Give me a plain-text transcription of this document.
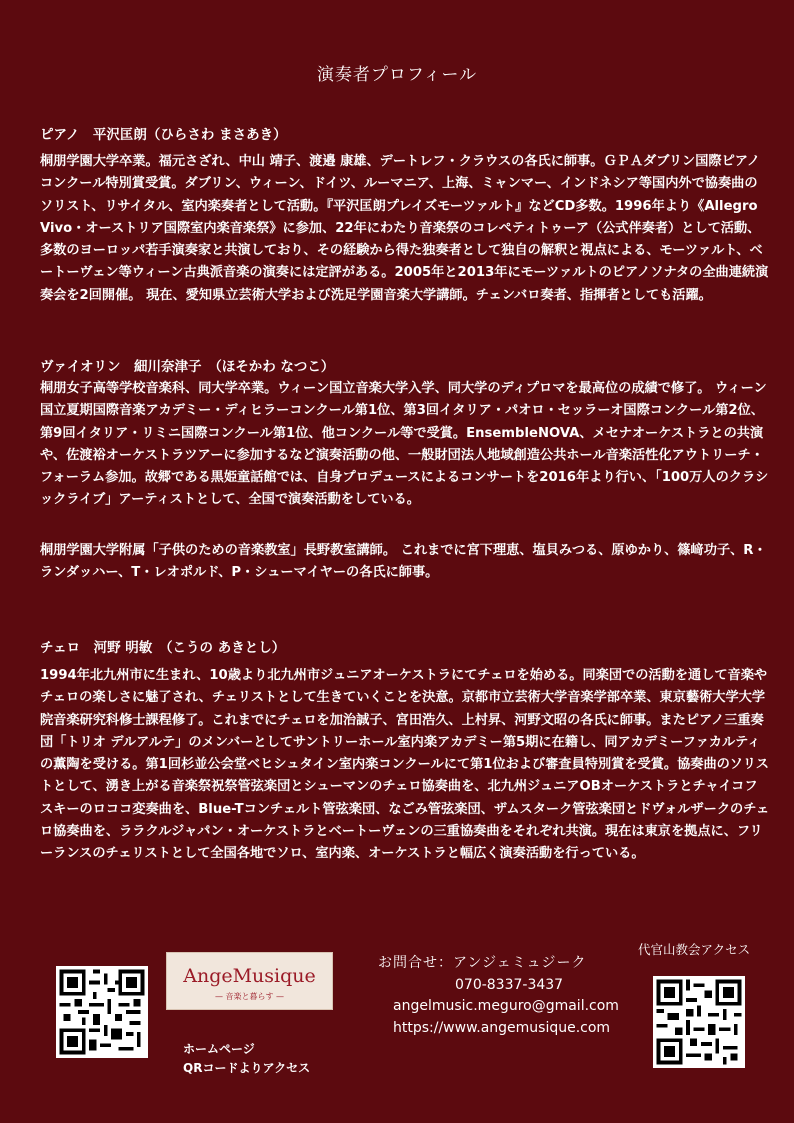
演奏者プロフィール
ピアノ　平沢匡朗（ひらさわ まさあき）

桐朋学園大学卒業。福元さざれ、中山 靖子、渡邉 康雄、デートレフ・クラウスの各氏に師事。ＧＰＡダブリン国際ピアノコンクール特別賞受賞。ダブリン、ウィーン、ドイツ、ルーマニア、上海、ミャンマー、インドネシア等国内外で協奏曲のソリスト、リサイタル、室内楽奏者として活動。『平沢匡朗プレイズモーツァルト』などCD多数。1996年より《Allegro Vivo・オーストリア国際室内楽音楽祭》に参加、22年にわたり音楽祭のコレペティトゥーア（公式伴奏者）として活動、多数のヨーロッパ若手演奏家と共演しており、その経験から得た独奏者として独自の解釈と視点による、モーツァルト、ベートーヴェン等ウィーン古典派音楽の演奏には定評がある。2005年と2013年にモーツァルトのピアノソナタの全曲連続演奏会を2回開催。 現在、愛知県立芸術大学および洗足学園音楽大学講師。チェンバロ奏者、指揮者としても活躍。

ヴァイオリン　細川奈津子　（ほそかわ なつこ）

桐朋女子高等学校音楽科、同大学卒業。ウィーン国立音楽大学入学、同大学のディプロマを最高位の成績で修了。 ウィーン国立夏期国際音楽アカデミー・ディヒラーコンクール第1位、第3回イタリア・パオロ・セッラーオ国際コンクール第2位、第9回イタリア・リミニ国際コンクール第1位、他コンクール等で受賞。EnsembleNOVA、メセナオーケストラとの共演や、佐渡裕オーケストラツアーに参加するなど演奏活動の他、一般財団法人地域創造公共ホール音楽活性化アウトリーチ・フォーラム参加。故郷である黒姫童話館では、自身プロデュースによるコンサートを2016年より行い、「100万人のクラシックライブ」アーティストとして、全国で演奏活動をしている。

桐朋学園大学附属「子供のための音楽教室」長野教室講師。 これまでに宮下理恵、塩貝みつる、原ゆかり、篠﨑功子、R・ランダッハー、T・レオポルド、P・シューマイヤーの各氏に師事。

チェロ　河野 明敏　（こうの あきとし）

1994年北九州市に生まれ、10歳より北九州市ジュニアオーケストラにてチェロを始める。同楽団での活動を通して音楽やチェロの楽しさに魅了され、チェリストとして生きていくことを決意。京都市立芸術大学音楽学部卒業、東京藝術大学大学院音楽研究科修士課程修了。これまでにチェロを加治誠子、宮田浩久、上村昇、河野文昭の各氏に師事。またピアノ三重奏団「トリオ デルアルテ」のメンバーとしてサントリーホール室内楽アカデミー第5期に在籍し、同アカデミーファカルティの薫陶を受ける。第1回杉並公会堂ベヒシュタイン室内楽コンクールにて第1位および審査員特別賞を受賞。協奏曲のソリストとして、湧き上がる音楽祭祝祭管弦楽団とシューマンのチェロ協奏曲を、北九州ジュニアOBオーケストラとチャイコフスキーのロココ変奏曲を、Blue-Tコンチェルト管弦楽団、なごみ管弦楽団、ザムスターク管弦楽団とドヴォルザークのチェロ協奏曲を、ララクルジャパン・オーケストラとベートーヴェンの三重協奏曲をそれぞれ共演。現在は東京を拠点に、フリーランスのチェリストとして全国各地でソロ、室内楽、オーケストラと幅広く演奏活動を行っている。

AngeMusique
— 音楽と暮らす —
ホームページ
QRコードよりアクセス
お問合せ：アンジェミュジーク
070-8337-3437
angelmusic.meguro@gmail.com
https://www.angemusique.com
代官山教会アクセス
